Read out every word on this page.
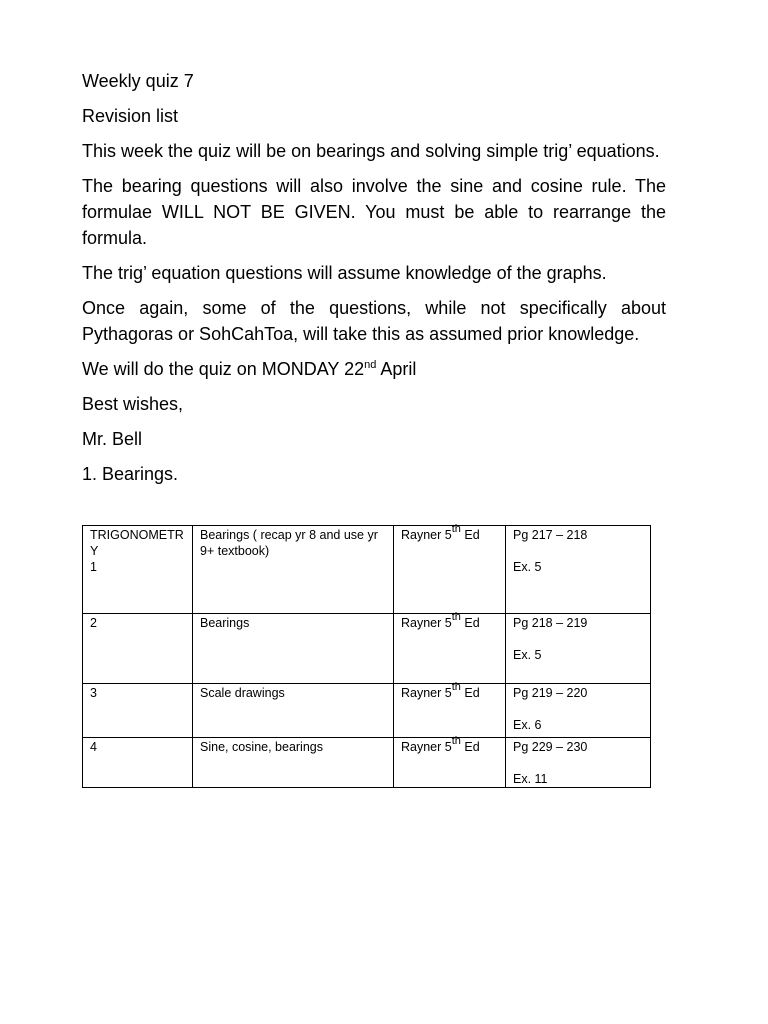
Weekly quiz 7

Revision list

This week the quiz will be on bearings and solving simple trig’ equations.

The bearing questions will also involve the sine and cosine rule. The formulae WILL NOT BE GIVEN. You must be able to rearrange the formula.

The trig’ equation questions will assume knowledge of the graphs.

Once again, some of the questions, while not specifically about Pythagoras or SohCahToa, will take this as assumed prior knowledge.

We will do the quiz on MONDAY 22nd April

Best wishes,

Mr. Bell

1. Bearings.

TRIGONOMETRY
1	Bearings ( recap yr 8 and use yr 9+ textbook)	Rayner 5th Ed	Pg 217 – 218
Ex. 5
2	Bearings	Rayner 5th Ed	Pg 218 – 219
Ex. 5
3	Scale drawings	Rayner 5th Ed	Pg 219 – 220
Ex. 6
4	Sine, cosine, bearings	Rayner 5th Ed	Pg 229 – 230
Ex. 11
